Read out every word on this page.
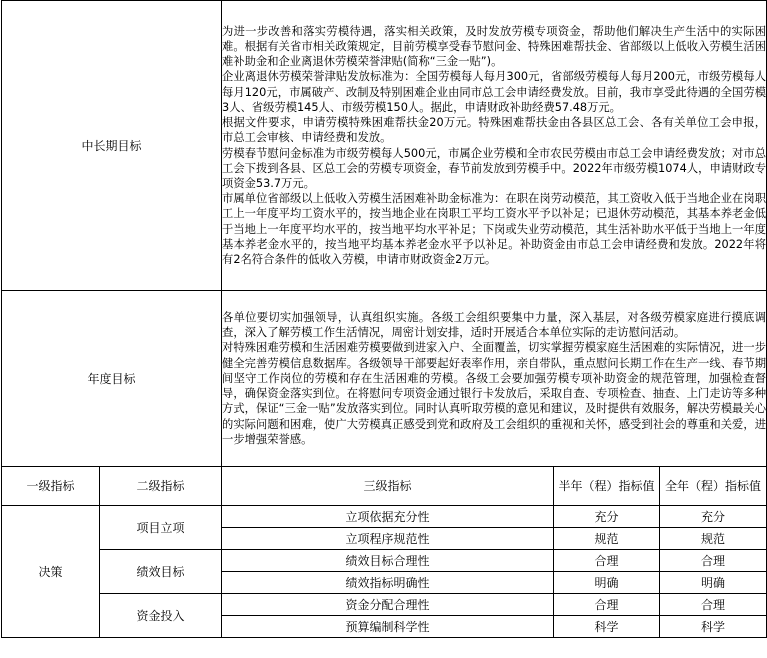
中长期目标		为进一步改善和落实劳模待遇，落实相关政策，及时发放劳模专项资金，帮助他们解决生产生活中的实际困难。根据有关省市相关政策规定，目前劳模享受春节慰问金、特殊困难帮扶金、省部级以上低收入劳模生活困难补助金和企业离退休劳模荣誉津贴(简称“三金一贴”)。

企业离退休劳模荣誉津贴发放标准为：全国劳模每人每月300元，省部级劳模每人每月200元，市级劳模每人每月120元，市属破产、改制及特别困难企业由同市总工会申请经费发放。目前，我市享受此待遇的全国劳模3人、省级劳模145人、市级劳模150人。据此，申请财政补助经费57.48万元。

根据文件要求，申请劳模特殊困难帮扶金20万元。特殊困难帮扶金由各县区总工会、各有关单位工会申报，市总工会审核、申请经费和发放。

劳模春节慰问金标准为市级劳模每人500元，市属企业劳模和全市农民劳模由市总工会申请经费发放；对市总工会下拨到各县、区总工会的劳模专项资金，春节前发放到劳模手中。2022年市级劳模1074人，申请财政专项资金53.7万元。

市属单位省部级以上低收入劳模生活困难补助金标准为：在职在岗劳动模范，其工资收入低于当地企业在岗职工上一年度平均工资水平的，按当地企业在岗职工平均工资水平予以补足；已退休劳动模范，其基本养老金低于当地上一年度平均水平的，按当地平均水平补足；下岗或失业劳动模范，其生活补助水平低于当地上一年度基本养老金水平的，按当地平均基本养老金水平予以补足。补助资金由市总工会申请经费和发放。2022年将有2名符合条件的低收入劳模，申请市财政资金2万元。		

年度目标		各单位要切实加强领导，认真组织实施。各级工会组织要集中力量，深入基层，对各级劳模家庭进行摸底调查，深入了解劳模工作生活情况，周密计划安排，适时开展适合本单位实际的走访慰问活动。

对特殊困难劳模和生活困难劳模要做到进家入户、全面覆盖，切实掌握劳模家庭生活困难的实际情况，进一步健全完善劳模信息数据库。各级领导干部要起好表率作用，亲自带队，重点慰问长期工作在生产一线、春节期间坚守工作岗位的劳模和存在生活困难的劳模。各级工会要加强劳模专项补助资金的规范管理，加强检查督导，确保资金落实到位。在将慰问专项资金通过银行卡发放后，采取自查、专项检查、抽查、上门走访等多种方式，保证“三金一贴”发放落实到位。同时认真听取劳模的意见和建议，及时提供有效服务，解决劳模最关心的实际问题和困难，使广大劳模真正感受到党和政府及工会组织的重视和关怀，感受到社会的尊重和关爱，进一步增强荣誉感。		

一级指标	二级指标	三级指标	半年（程）指标值	全年（程）指标值
决策	项目立项	立项依据充分性	充分	充分
		立项程序规范性	规范	规范
	绩效目标	绩效目标合理性	合理	合理
		绩效指标明确性	明确	明确
	资金投入	资金分配合理性	合理	合理
		预算编制科学性	科学	科学
